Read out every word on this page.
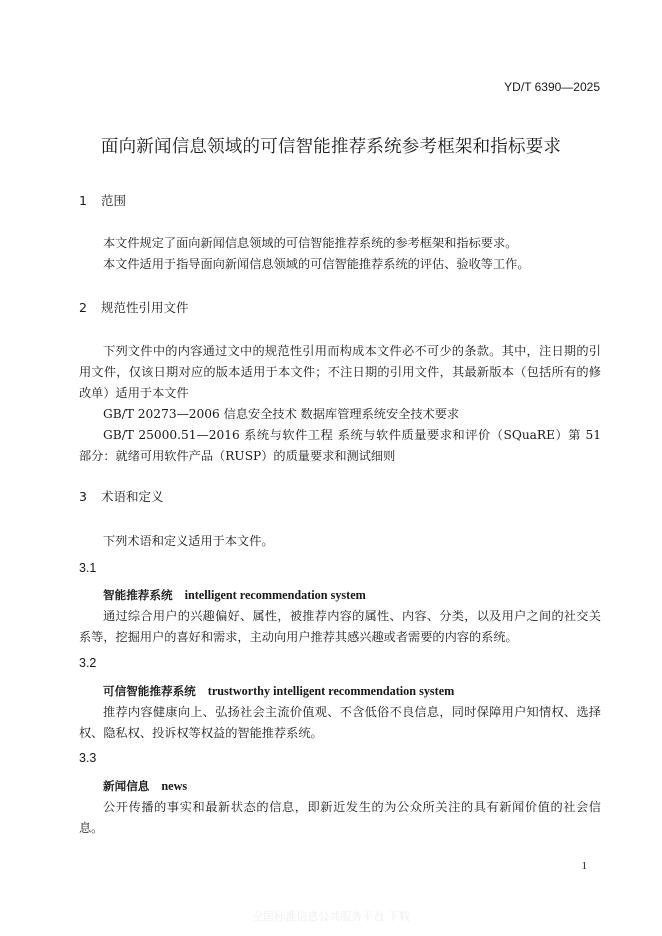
YD/T 6390—2025
面向新闻信息领域的可信智能推荐系统参考框架和指标要求
1 范围
本文件规定了面向新闻信息领域的可信智能推荐系统的参考框架和指标要求。
本文件适用于指导面向新闻信息领域的可信智能推荐系统的评估、验收等工作。
2 规范性引用文件
下列文件中的内容通过文中的规范性引用而构成本文件必不可少的条款。其中，注日期的引用文件，仅该日期对应的版本适用于本文件；不注日期的引用文件，其最新版本（包括所有的修改单）适用于本文件
GB/T 20273—2006 信息安全技术 数据库管理系统安全技术要求
GB/T 25000.51—2016 系统与软件工程 系统与软件质量要求和评价（SQuaRE）第 51 部分：就绪可用软件产品（RUSP）的质量要求和测试细则
3 术语和定义
下列术语和定义适用于本文件。
3.1
智能推荐系统 intelligent recommendation system
通过综合用户的兴趣偏好、属性，被推荐内容的属性、内容、分类，以及用户之间的社交关系等，挖掘用户的喜好和需求，主动向用户推荐其感兴趣或者需要的内容的系统。
3.2
可信智能推荐系统 trustworthy intelligent recommendation system
推荐内容健康向上、弘扬社会主流价值观、不含低俗不良信息，同时保障用户知情权、选择权、隐私权、投诉权等权益的智能推荐系统。
3.3
新闻信息 news
公开传播的事实和最新状态的信息，即新近发生的为公众所关注的具有新闻价值的社会信息。
1
全国标准信息公共服务平台 下载
